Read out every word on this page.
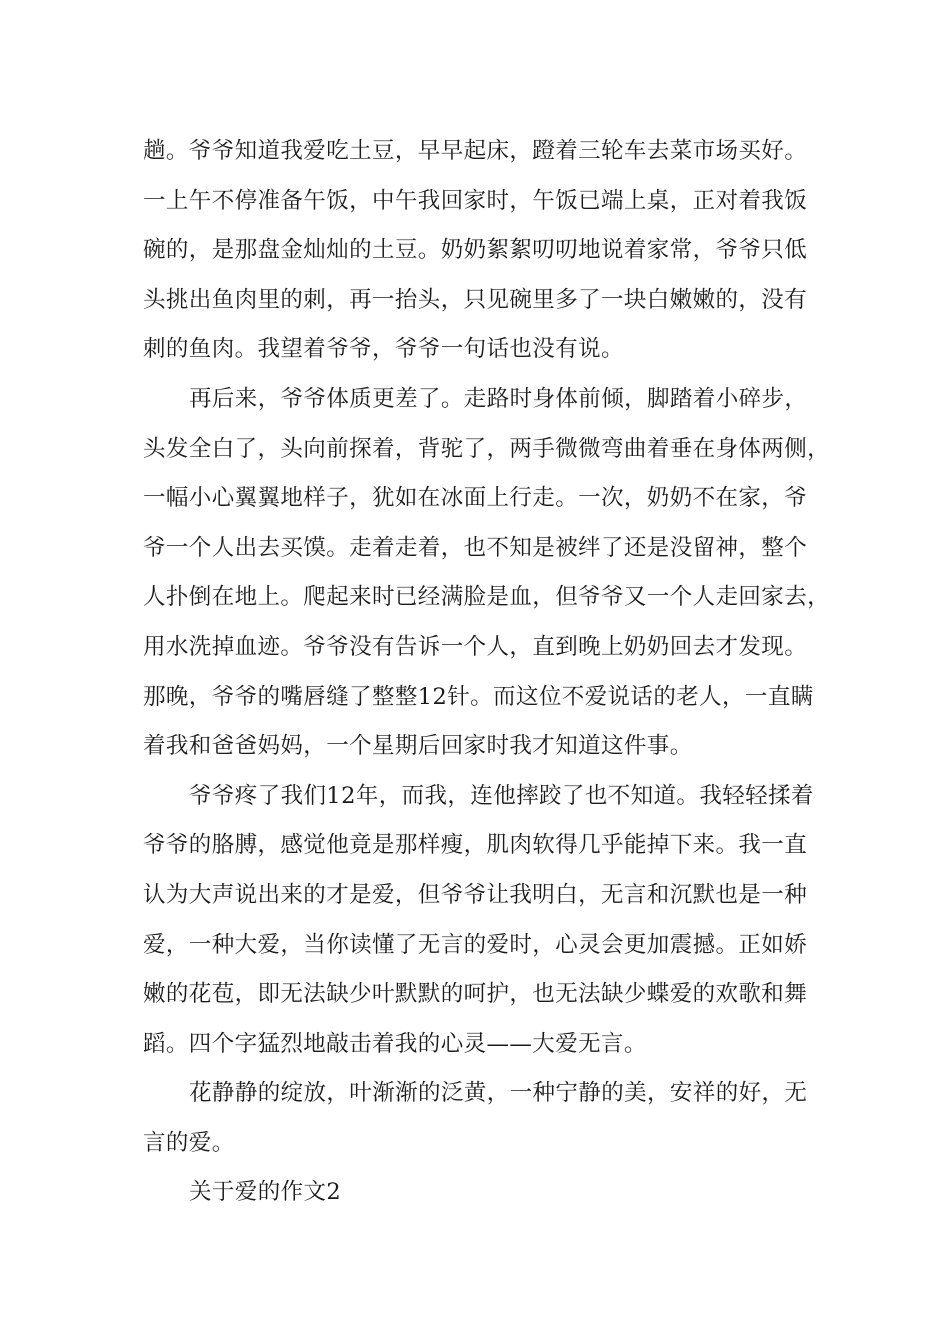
趟。爷爷知道我爱吃土豆，早早起床，蹬着三轮车去菜市场买好。
一上午不停准备午饭，中午我回家时，午饭已端上桌，正对着我饭
碗的，是那盘金灿灿的土豆。奶奶絮絮叨叨地说着家常，爷爷只低
头挑出鱼肉里的刺，再一抬头，只见碗里多了一块白嫩嫩的，没有
刺的鱼肉。我望着爷爷，爷爷一句话也没有说。
再后来，爷爷体质更差了。走路时身体前倾，脚踏着小碎步，
头发全白了，头向前探着，背驼了，两手微微弯曲着垂在身体两侧，
一幅小心翼翼地样子，犹如在冰面上行走。一次，奶奶不在家，爷
爷一个人出去买馍。走着走着，也不知是被绊了还是没留神，整个
人扑倒在地上。爬起来时已经满脸是血，但爷爷又一个人走回家去，
用水洗掉血迹。爷爷没有告诉一个人，直到晚上奶奶回去才发现。
那晚，爷爷的嘴唇缝了整整12针。而这位不爱说话的老人，一直瞒
着我和爸爸妈妈，一个星期后回家时我才知道这件事。
爷爷疼了我们12年，而我，连他摔跤了也不知道。我轻轻揉着
爷爷的胳膊，感觉他竟是那样瘦，肌肉软得几乎能掉下来。我一直
认为大声说出来的才是爱，但爷爷让我明白，无言和沉默也是一种
爱，一种大爱，当你读懂了无言的爱时，心灵会更加震撼。正如娇
嫩的花苞，即无法缺少叶默默的呵护，也无法缺少蝶爱的欢歌和舞
蹈。四个字猛烈地敲击着我的心灵——大爱无言。
花静静的绽放，叶渐渐的泛黄，一种宁静的美，安祥的好，无
言的爱。
关于爱的作文2
